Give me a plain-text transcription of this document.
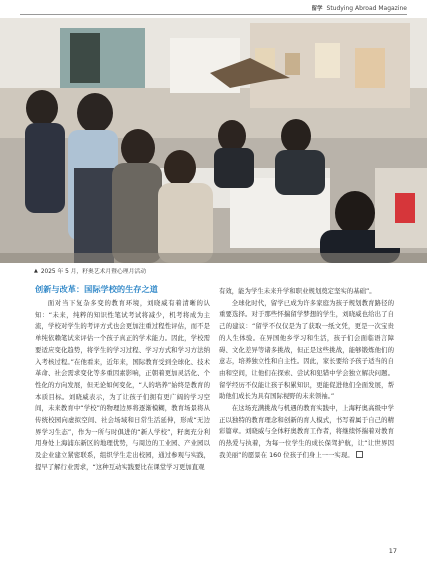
留学 Studying Abroad Magazine
▲ 2025 年 5 月，籽奥艺术月暨心理月活动
创新与改革：国际学校的生存之道

面对当下复杂多变的教育环境，刘晓威有着清晰的认知：“未来，纯粹的知识性笔试考试将减少，机考将成为主流，学校对学生的考评方式也会更加注重过程性评估，而不是单纯依赖笔试来评估一个孩子真正的学术能力。因此，学校需要适应变化趋势，将学生的学习过程、学习方式和学习方法纳入考核过程。”在他看来，近年来，国际教育受到全球化、技术革命、社会需求变化等多重因素影响，正朝着更加灵活化、个性化的方向发展，但无论如何变化，“人的培养”始终是教育的本质目标。刘晓威表示，为了让孩子们拥有更广阔的学习空间，未来教育中“学校”的物理边界将逐渐模糊，教育场景将从传统校园向虚拟空间、社会场域和日常生活延伸，形成“无边界学习生态”，作为一所与时俱进的“新人学校”，籽奥充分利用身处上海浦东新区的地理优势，与周边的工业园、产业园以及企业建立紧密联系，组织学生走出校园，通过参观与实践，提早了解行业需求，“这种互动实践要比在课堂学习更加直观

有效，能为学生未来升学和职业规划奠定坚实的基础”。

全球化时代，留学已成为许多家庭为孩子规划教育路径的重要选择。对于那些怀揣留学梦想的学生，刘晓威也给出了自己的建议：“留学不仅仅是为了获取一纸文凭，更是一次宝贵的人生体验。在异国他乡学习和生活，孩子们会面临语言障碍、文化差异等诸多挑战，但正是这些挑战，能够锻炼他们的意志，培养独立性和自主性。因此，家长要给予孩子适当的自由和空间，让他们在探索、尝试和犯错中学会独立解决问题。留学经历不仅能让孩子积累知识，更能促进他们全面发展，帮助他们成长为具有国际视野的未来领袖。”

在这场充满挑战与机遇的教育实践中，上海籽奥高级中学正以独特的教育理念和创新的育人模式，书写着属于自己的精彩篇章。刘晓威与全体籽奥教育工作者，将继续怀揣着对教育的热爱与执着，为每一位学生的成长保驾护航，让“让世界因我美丽”的愿景在 160 位孩子们身上一一实现。

17
